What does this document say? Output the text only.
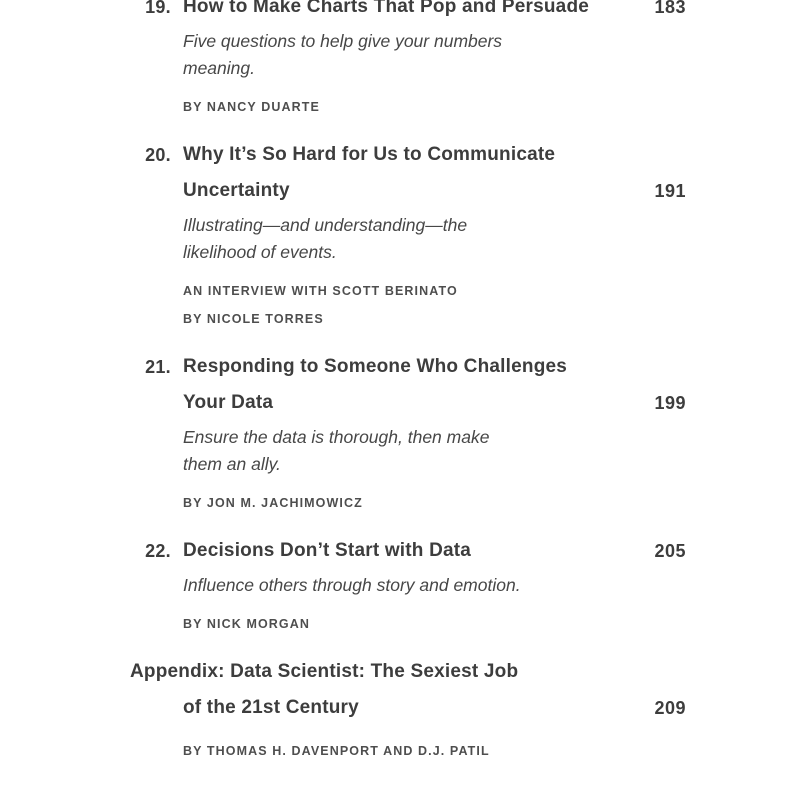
19. How to Make Charts That Pop and Persuade	183
Five questions to help give your numbers
meaning.
BY NANCY DUARTE
20. Why It’s So Hard for Us to Communicate
Uncertainty	191
Illustrating—and understanding—the
likelihood of events.
AN INTERVIEW WITH SCOTT BERINATO
BY NICOLE TORRES
21. Responding to Someone Who Challenges
Your Data	199
Ensure the data is thorough, then make
them an ally.
BY JON M. JACHIMOWICZ
22. Decisions Don’t Start with Data	205
Influence others through story and emotion.
BY NICK MORGAN
Appendix: Data Scientist: The Sexiest Job
of the 21st Century	209
BY THOMAS H. DAVENPORT AND D.J. PATIL
